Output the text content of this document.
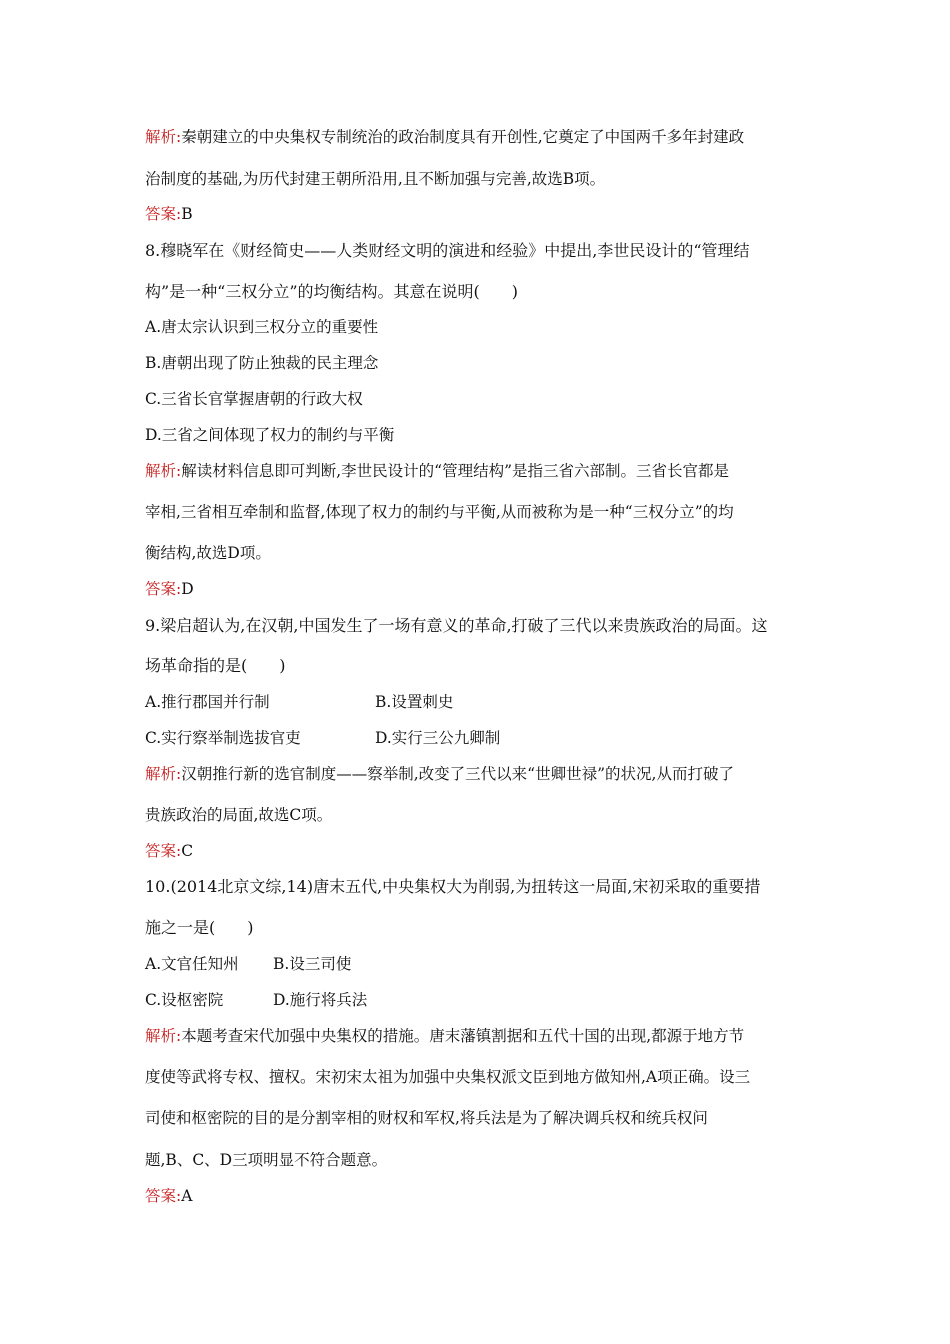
解析:秦朝建立的中央集权专制统治的政治制度具有开创性,它奠定了中国两千多年封建政
治制度的基础,为历代封建王朝所沿用,且不断加强与完善,故选B项。
答案:B
8.穆晓军在《财经简史——人类财经文明的演进和经验》中提出,李世民设计的“管理结
构”是一种“三权分立”的均衡结构。其意在说明(　　)
A.唐太宗认识到三权分立的重要性
B.唐朝出现了防止独裁的民主理念
C.三省长官掌握唐朝的行政大权
D.三省之间体现了权力的制约与平衡
解析:解读材料信息即可判断,李世民设计的“管理结构”是指三省六部制。三省长官都是
宰相,三省相互牵制和监督,体现了权力的制约与平衡,从而被称为是一种“三权分立”的均
衡结构,故选D项。
答案:D
9.梁启超认为,在汉朝,中国发生了一场有意义的革命,打破了三代以来贵族政治的局面。这
场革命指的是(　　)
A.推行郡国并行制	B.设置刺史
C.实行察举制选拔官吏	D.实行三公九卿制
解析:汉朝推行新的选官制度——察举制,改变了三代以来“世卿世禄”的状况,从而打破了
贵族政治的局面,故选C项。
答案:C
10.(2014北京文综,14)唐末五代,中央集权大为削弱,为扭转这一局面,宋初采取的重要措
施之一是(　　)
A.文官任知州 B.设三司使
C.设枢密院	D.施行将兵法
解析:本题考查宋代加强中央集权的措施。唐末藩镇割据和五代十国的出现,都源于地方节
度使等武将专权、擅权。宋初宋太祖为加强中央集权派文臣到地方做知州,A项正确。设三
司使和枢密院的目的是分割宰相的财权和军权,将兵法是为了解决调兵权和统兵权问
题,B、C、D三项明显不符合题意。
答案:A
